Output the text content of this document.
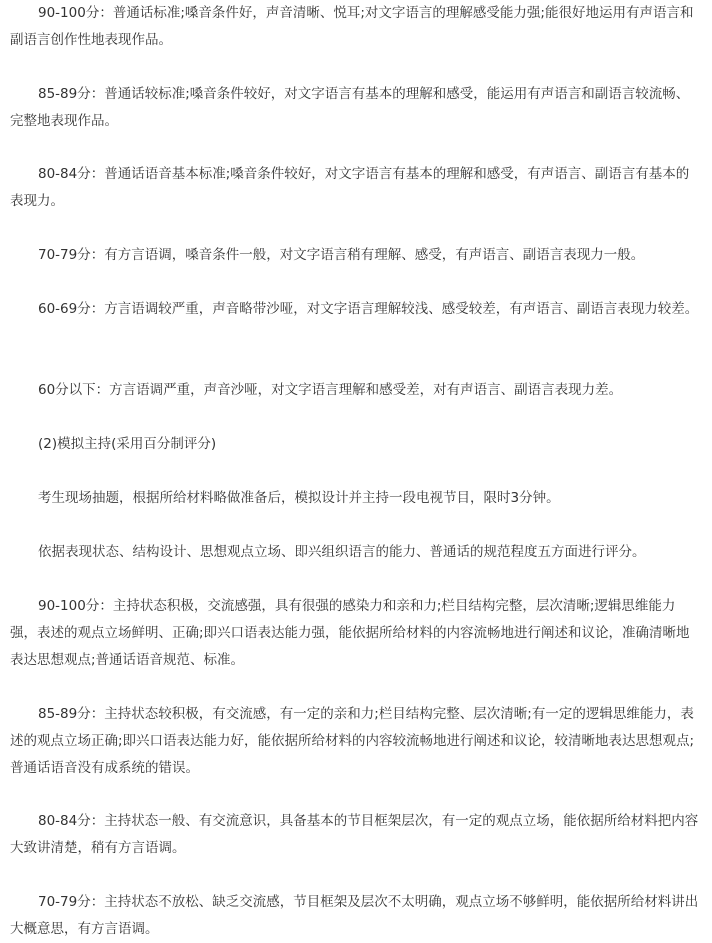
90-100分：普通话标准;嗓音条件好，声音清晰、悦耳;对文字语言的理解感受能力强;能很好地运用有声语言和副语言创作性地表现作品。

85-89分：普通话较标准;嗓音条件较好，对文字语言有基本的理解和感受，能运用有声语言和副语言较流畅、完整地表现作品。

80-84分：普通话语音基本标准;嗓音条件较好，对文字语言有基本的理解和感受，有声语言、副语言有基本的表现力。

70-79分：有方言语调，嗓音条件一般，对文字语言稍有理解、感受，有声语言、副语言表现力一般。

60-69分：方言语调较严重，声音略带沙哑，对文字语言理解较浅、感受较差，有声语言、副语言表现力较差。

60分以下：方言语调严重，声音沙哑，对文字语言理解和感受差，对有声语言、副语言表现力差。

(2)模拟主持(采用百分制评分)

考生现场抽题，根据所给材料略做准备后，模拟设计并主持一段电视节目，限时3分钟。

依据表现状态、结构设计、思想观点立场、即兴组织语言的能力、普通话的规范程度五方面进行评分。

90-100分：主持状态积极，交流感强，具有很强的感染力和亲和力;栏目结构完整，层次清晰;逻辑思维能力强，表述的观点立场鲜明、正确;即兴口语表达能力强，能依据所给材料的内容流畅地进行阐述和议论，准确清晰地表达思想观点;普通话语音规范、标准。

85-89分：主持状态较积极，有交流感，有一定的亲和力;栏目结构完整、层次清晰;有一定的逻辑思维能力，表述的观点立场正确;即兴口语表达能力好，能依据所给材料的内容较流畅地进行阐述和议论，较清晰地表达思想观点;普通话语音没有成系统的错误。

80-84分：主持状态一般、有交流意识，具备基本的节目框架层次，有一定的观点立场，能依据所给材料把内容大致讲清楚，稍有方言语调。

70-79分：主持状态不放松、缺乏交流感，节目框架及层次不太明确，观点立场不够鲜明，能依据所给材料讲出大概意思，有方言语调。
